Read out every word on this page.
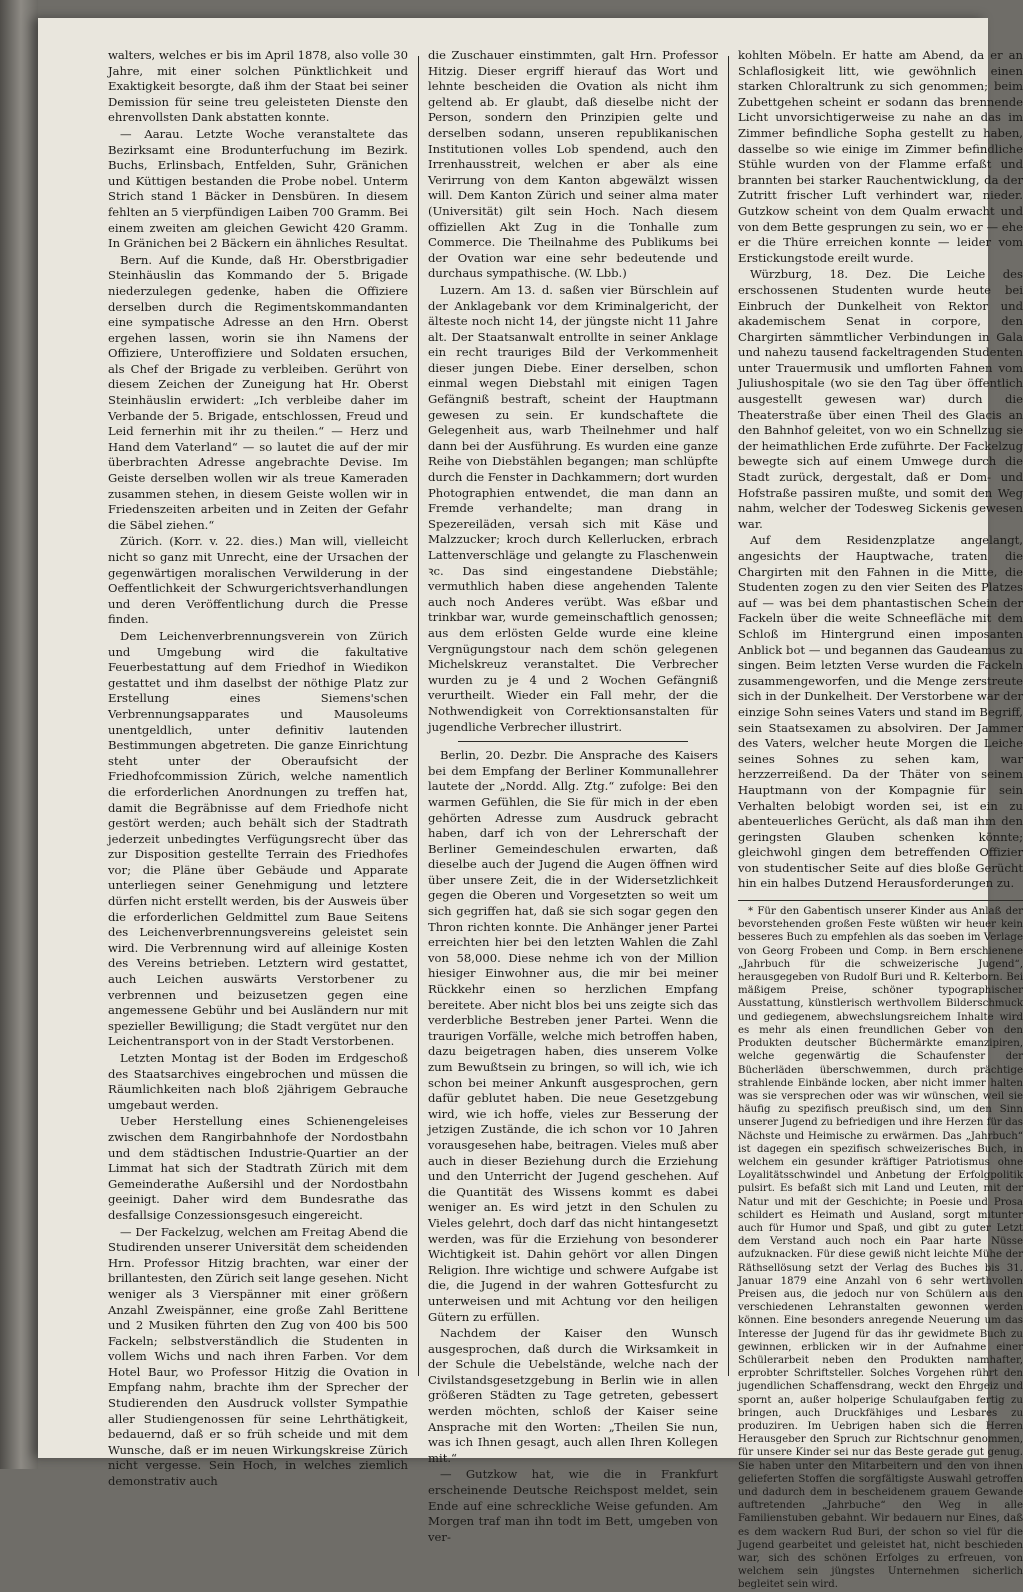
walters, welches er bis im April 1878, also volle 30 Jahre, mit einer solchen Pünktlichkeit und Exaktigkeit besorgte, daß ihm der Staat bei seiner Demission für seine treu geleisteten Dienste den ehrenvollsten Dank abstatten konnte.

— Aarau. Letzte Woche veranstaltete das Bezirksamt eine Brodunterfuchung im Bezirk. Buchs, Erlinsbach, Entfelden, Suhr, Gränichen und Küttigen bestanden die Probe nobel. Unterm Strich stand 1 Bäcker in Densbüren. In diesem fehlten an 5 vierpfündigen Laiben 700 Gramm. Bei einem zweiten am gleichen Gewicht 420 Gramm. In Gränichen bei 2 Bäckern ein ähnliches Resultat.

Bern. Auf die Kunde, daß Hr. Oberstbrigadier Steinhäuslin das Kommando der 5. Brigade niederzulegen gedenke, haben die Offiziere derselben durch die Regimentskommandanten eine sympatische Adresse an den Hrn. Oberst ergehen lassen, worin sie ihn Namens der Offiziere, Unteroffiziere und Soldaten ersuchen, als Chef der Brigade zu verbleiben. Gerührt von diesem Zeichen der Zuneigung hat Hr. Oberst Steinhäuslin erwidert: „Ich verbleibe daher im Verbande der 5. Brigade, entschlossen, Freud und Leid fernerhin mit ihr zu theilen.“ — Herz und Hand dem Vaterland“ — so lautet die auf der mir überbrachten Adresse angebrachte Devise. Im Geiste derselben wollen wir als treue Kameraden zusammen stehen, in diesem Geiste wollen wir in Friedenszeiten arbeiten und in Zeiten der Gefahr die Säbel ziehen.“

Zürich. (Korr. v. 22. dies.) Man will, vielleicht nicht so ganz mit Unrecht, eine der Ursachen der gegenwärtigen moralischen Verwilderung in der Oeffentlichkeit der Schwurgerichtsverhandlungen und deren Veröffentlichung durch die Presse finden.

Dem Leichenverbrennungsverein von Zürich und Umgebung wird die fakultative Feuerbestattung auf dem Friedhof in Wiedikon gestattet und ihm daselbst der nöthige Platz zur Erstellung eines Siemens'schen Verbrennungsapparates und Mausoleums unentgeldlich, unter definitiv lautenden Bestimmungen abgetreten. Die ganze Einrichtung steht unter der Oberaufsicht der Friedhofcommission Zürich, welche namentlich die erforderlichen Anordnungen zu treffen hat, damit die Begräbnisse auf dem Friedhofe nicht gestört werden; auch behält sich der Stadtrath jederzeit unbedingtes Verfügungsrecht über das zur Disposition gestellte Terrain des Friedhofes vor; die Pläne über Gebäude und Apparate unterliegen seiner Genehmigung und letztere dürfen nicht erstellt werden, bis der Ausweis über die erforderlichen Geldmittel zum Baue Seitens des Leichenverbrennungsvereins geleistet sein wird. Die Verbrennung wird auf alleinige Kosten des Vereins betrieben. Letztern wird gestattet, auch Leichen auswärts Verstorbener zu verbrennen und beizusetzen gegen eine angemessene Gebühr und bei Ausländern nur mit spezieller Bewilligung; die Stadt vergütet nur den Leichentransport von in der Stadt Verstorbenen.

Letzten Montag ist der Boden im Erdgeschoß des Staatsarchives eingebrochen und müssen die Räumlichkeiten nach bloß 2jährigem Gebrauche umgebaut werden.

Ueber Herstellung eines Schienengeleises zwischen dem Rangirbahnhofe der Nordostbahn und dem städtischen Industrie-Quartier an der Limmat hat sich der Stadtrath Zürich mit dem Gemeinderathe Außersihl und der Nordostbahn geeinigt. Daher wird dem Bundesrathe das desfallsige Conzessionsgesuch eingereicht.

— Der Fackelzug, welchen am Freitag Abend die Studirenden unserer Universität dem scheidenden Hrn. Professor Hitzig brachten, war einer der brillantesten, den Zürich seit lange gesehen. Nicht weniger als 3 Vierspänner mit einer größern Anzahl Zweispänner, eine große Zahl Berittene und 2 Musiken führten den Zug von 400 bis 500 Fackeln; selbstverständlich die Studenten in vollem Wichs und nach ihren Farben. Vor dem Hotel Baur, wo Professor Hitzig die Ovation in Empfang nahm, brachte ihm der Sprecher der Studierenden den Ausdruck vollster Sympathie aller Studiengenossen für seine Lehrthätigkeit, bedauernd, daß er so früh scheide und mit dem Wunsche, daß er im neuen Wirkungskreise Zürich nicht vergesse. Sein Hoch, in welches ziemlich demonstrativ auch

die Zuschauer einstimmten, galt Hrn. Professor Hitzig. Dieser ergriff hierauf das Wort und lehnte bescheiden die Ovation als nicht ihm geltend ab. Er glaubt, daß dieselbe nicht der Person, sondern den Prinzipien gelte und derselben sodann, unseren republikanischen Institutionen volles Lob spendend, auch den Irrenhausstreit, welchen er aber als eine Verirrung von dem Kanton abgewälzt wissen will. Dem Kanton Zürich und seiner alma mater (Universität) gilt sein Hoch. Nach diesem offiziellen Akt Zug in die Tonhalle zum Commerce. Die Theilnahme des Publikums bei der Ovation war eine sehr bedeutende und durchaus sympathische. (W. Lbb.)

Luzern. Am 13. d. saßen vier Bürschlein auf der Anklagebank vor dem Kriminalgericht, der älteste noch nicht 14, der jüngste nicht 11 Jahre alt. Der Staatsanwalt entrollte in seiner Anklage ein recht trauriges Bild der Verkommenheit dieser jungen Diebe. Einer derselben, schon einmal wegen Diebstahl mit einigen Tagen Gefängniß bestraft, scheint der Hauptmann gewesen zu sein. Er kundschaftete die Gelegenheit aus, warb Theilnehmer und half dann bei der Ausführung. Es wurden eine ganze Reihe von Diebstählen begangen; man schlüpfte durch die Fenster in Dachkammern; dort wurden Photographien entwendet, die man dann an Fremde verhandelte; man drang in Spezereiläden, versah sich mit Käse und Malzzucker; kroch durch Kellerlucken, erbrach Lattenverschläge und gelangte zu Flaschenwein ꝛc. Das sind eingestandene Diebstähle; vermuthlich haben diese angehenden Talente auch noch Anderes verübt. Was eßbar und trinkbar war, wurde gemeinschaftlich genossen; aus dem erlösten Gelde wurde eine kleine Vergnügungstour nach dem schön gelegenen Michelskreuz veranstaltet. Die Verbrecher wurden zu je 4 und 2 Wochen Gefängniß verurtheilt. Wieder ein Fall mehr, der die Nothwendigkeit von Correktionsanstalten für jugendliche Verbrecher illustrirt.

Berlin, 20. Dezbr. Die Ansprache des Kaisers bei dem Empfang der Berliner Kommunallehrer lautete der „Nordd. Allg. Ztg.“ zufolge: Bei den warmen Gefühlen, die Sie für mich in der eben gehörten Adresse zum Ausdruck gebracht haben, darf ich von der Lehrerschaft der Berliner Gemeindeschulen erwarten, daß dieselbe auch der Jugend die Augen öffnen wird über unsere Zeit, die in der Widersetzlichkeit gegen die Oberen und Vorgesetzten so weit um sich gegriffen hat, daß sie sich sogar gegen den Thron richten konnte. Die Anhänger jener Partei erreichten hier bei den letzten Wahlen die Zahl von 58,000. Diese nehme ich von der Million hiesiger Einwohner aus, die mir bei meiner Rückkehr einen so herzlichen Empfang bereitete. Aber nicht blos bei uns zeigte sich das verderbliche Bestreben jener Partei. Wenn die traurigen Vorfälle, welche mich betroffen haben, dazu beigetragen haben, dies unserem Volke zum Bewußtsein zu bringen, so will ich, wie ich schon bei meiner Ankunft ausgesprochen, gern dafür geblutet haben. Die neue Gesetzgebung wird, wie ich hoffe, vieles zur Besserung der jetzigen Zustände, die ich schon vor 10 Jahren vorausgesehen habe, beitragen. Vieles muß aber auch in dieser Beziehung durch die Erziehung und den Unterricht der Jugend geschehen. Auf die Quantität des Wissens kommt es dabei weniger an. Es wird jetzt in den Schulen zu Vieles gelehrt, doch darf das nicht hintangesetzt werden, was für die Erziehung von besonderer Wichtigkeit ist. Dahin gehört vor allen Dingen Religion. Ihre wichtige und schwere Aufgabe ist die, die Jugend in der wahren Gottesfurcht zu unterweisen und mit Achtung vor den heiligen Gütern zu erfüllen.

Nachdem der Kaiser den Wunsch ausgesprochen, daß durch die Wirksamkeit in der Schule die Uebelstände, welche nach der Civilstandsgesetzgebung in Berlin wie in allen größeren Städten zu Tage getreten, gebessert werden möchten, schloß der Kaiser seine Ansprache mit den Worten: „Theilen Sie nun, was ich Ihnen gesagt, auch allen Ihren Kollegen mit.“

— Gutzkow hat, wie die in Frankfurt erscheinende Deutsche Reichspost meldet, sein Ende auf eine schreckliche Weise gefunden. Am Morgen traf man ihn todt im Bett, umgeben von ver-

kohlten Möbeln. Er hatte am Abend, da er an Schlaflosigkeit litt, wie gewöhnlich einen starken Chloraltrunk zu sich genommen; beim Zubettgehen scheint er sodann das brennende Licht unvorsichtigerweise zu nahe an das im Zimmer befindliche Sopha gestellt zu haben, dasselbe so wie einige im Zimmer befindliche Stühle wurden von der Flamme erfaßt und brannten bei starker Rauchentwicklung, da der Zutritt frischer Luft verhindert war, nieder. Gutzkow scheint von dem Qualm erwacht und von dem Bette gesprungen zu sein, wo er — ehe er die Thüre erreichen konnte — leider vom Erstickungstode ereilt wurde.

Würzburg, 18. Dez. Die Leiche des erschossenen Studenten wurde heute bei Einbruch der Dunkelheit von Rektor und akademischem Senat in corpore, den Chargirten sämmtlicher Verbindungen in Gala und nahezu tausend fackeltragenden Studenten unter Trauermusik und umflorten Fahnen vom Juliushospitale (wo sie den Tag über öffentlich ausgestellt gewesen war) durch die Theaterstraße über einen Theil des Glacis an den Bahnhof geleitet, von wo ein Schnellzug sie der heimathlichen Erde zuführte. Der Fackelzug bewegte sich auf einem Umwege durch die Stadt zurück, dergestalt, daß er Dom- und Hofstraße passiren mußte, und somit den Weg nahm, welcher der Todesweg Sickenis gewesen war.

Auf dem Residenzplatze angelangt, angesichts der Hauptwache, traten die Chargirten mit den Fahnen in die Mitte, die Studenten zogen zu den vier Seiten des Platzes auf — was bei dem phantastischen Schein der Fackeln über die weite Schneefläche mit dem Schloß im Hintergrund einen imposanten Anblick bot — und begannen das Gaudeamus zu singen. Beim letzten Verse wurden die Fackeln zusammengeworfen, und die Menge zerstreute sich in der Dunkelheit. Der Verstorbene war der einzige Sohn seines Vaters und stand im Begriff, sein Staatsexamen zu absolviren. Der Jammer des Vaters, welcher heute Morgen die Leiche seines Sohnes zu sehen kam, war herzzerreißend. Da der Thäter von seinem Hauptmann von der Kompagnie für sein Verhalten belobigt worden sei, ist ein zu abenteuerliches Gerücht, als daß man ihm den geringsten Glauben schenken könnte; gleichwohl gingen dem betreffenden Offizier von studentischer Seite auf dies bloße Gerücht hin ein halbes Dutzend Herausforderungen zu.

* Für den Gabentisch unserer Kinder aus Anlaß der bevorstehenden großen Feste wüßten wir heuer kein besseres Buch zu empfehlen als das soeben im Verlage von Georg Frobeen und Comp. in Bern erschienene „Jahrbuch für die schweizerische Jugend“, herausgegeben von Rudolf Buri und R. Kelterborn. Bei mäßigem Preise, schöner typographischer Ausstattung, künstlerisch werthvollem Bilderschmuck und gediegenem, abwechslungsreichem Inhalte wird es mehr als einen freundlichen Geber von den Produkten deutscher Büchermärkte emanzipiren, welche gegenwärtig die Schaufenster der Bücherläden überschwemmen, durch prächtige strahlende Einbände locken, aber nicht immer halten was sie versprechen oder was wir wünschen, weil sie häufig zu spezifisch preußisch sind, um den Sinn unserer Jugend zu befriedigen und ihre Herzen für das Nächste und Heimische zu erwärmen. Das „Jahrbuch“ ist dagegen ein spezifisch schweizerisches Buch, in welchem ein gesunder kräftiger Patriotismus ohne Loyalitätsschwindel und Anbetung der Erfolgpolitik pulsirt. Es befaßt sich mit Land und Leuten, mit der Natur und mit der Geschichte; in Poesie und Prosa schildert es Heimath und Ausland, sorgt mitunter auch für Humor und Spaß, und gibt zu guter Letzt dem Verstand auch noch ein Paar harte Nüsse aufzuknacken. Für diese gewiß nicht leichte Mühe der Räthsellösung setzt der Verlag des Buches bis 31. Januar 1879 eine Anzahl von 6 sehr werthvollen Preisen aus, die jedoch nur von Schülern aus den verschiedenen Lehranstalten gewonnen werden können. Eine besonders anregende Neuerung um das Interesse der Jugend für das ihr gewidmete Buch zu gewinnen, erblicken wir in der Aufnahme einer Schülerarbeit neben den Produkten namhafter, erprobter Schriftsteller. Solches Vorgehen rührt den jugendlichen Schaffensdrang, weckt den Ehrgeiz und spornt an, außer holperige Schulaufgaben fertig zu bringen, auch Druckfähiges und Lesbares zu produziren. Im Uebrigen haben sich die Herren Herausgeber den Spruch zur Richtschnur genommen, für unsere Kinder sei nur das Beste gerade gut genug. Sie haben unter den Mitarbeitern und den von ihnen gelieferten Stoffen die sorgfältigste Auswahl getroffen und dadurch dem in bescheidenem grauem Gewande auftretenden „Jahrbuche“ den Weg in alle Familienstuben gebahnt. Wir bedauern nur Eines, daß es dem wackern Rud Buri, der schon so viel für die Jugend gearbeitet und geleistet hat, nicht beschieden war, sich des schönen Erfolges zu erfreuen, von welchem sein jüngstes Unternehmen sicherlich begleitet sein wird.
